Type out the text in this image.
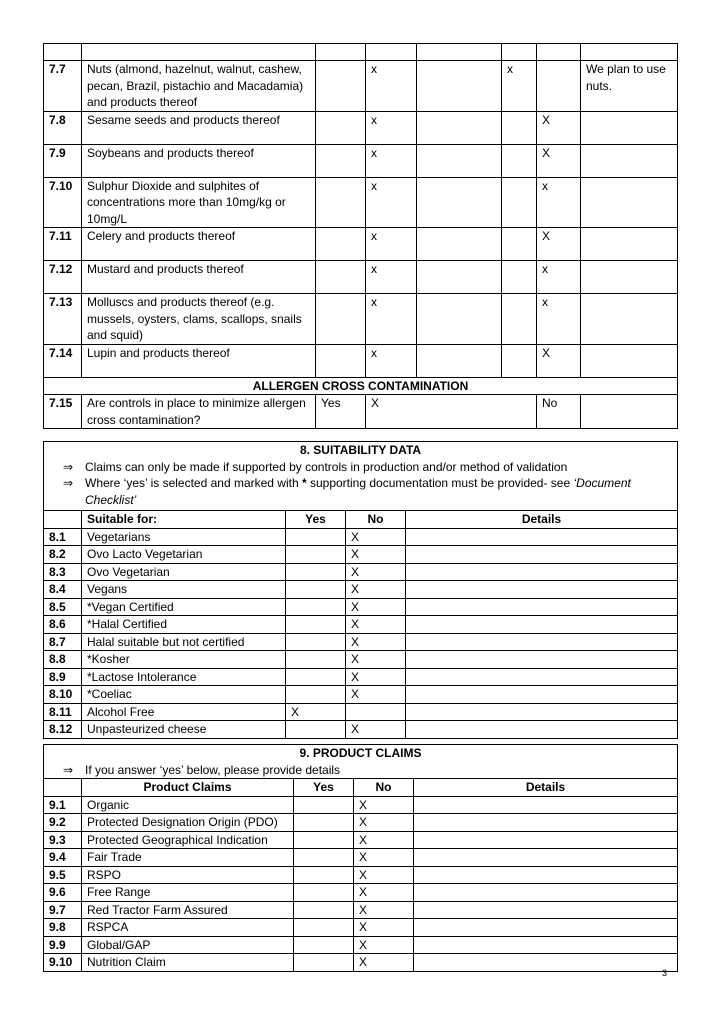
7.7	Nuts (almond, hazelnut, walnut, cashew, pecan, Brazil, pistachio and Macadamia) and products thereof		x		x		We plan to use nuts.
7.8	Sesame seeds and products thereof		x			X	
7.9	Soybeans and products thereof		x			X	
7.10	Sulphur Dioxide and sulphites of concentrations more than 10mg/kg or 10mg/L		x			x	
7.11	Celery and products thereof		x			X	
7.12	Mustard and products thereof		x			x	
7.13	Molluscs and products thereof (e.g. mussels, oysters, clams, scallops, snails and squid)		x			x	
7.14	Lupin and products thereof		x			X	
ALLERGEN CROSS CONTAMINATION							
7.15	Are controls in place to minimize allergen cross contamination?	Yes	X			No	
8. SUITABILITY DATA
⇒ Claims can only be made if supported by controls in production and/or method of validation
⇒ Where ‘yes’ is selected and marked with * supporting documentation must be provided- see ‘Document Checklist’				

	Suitable for:	Yes	No	Details
8.1	Vegetarians		X	
8.2	Ovo Lacto Vegetarian		X	
8.3	Ovo Vegetarian		X	
8.4	Vegans		X	
8.5	*Vegan Certified		X	
8.6	*Halal Certified		X	
8.7	Halal suitable but not certified		X	
8.8	*Kosher		X	
8.9	*Lactose Intolerance		X	
8.10	*Coeliac		X	
8.11	Alcohol Free	X		
8.12	Unpasteurized cheese		X	
9. PRODUCT CLAIMS
⇒ If you answer ‘yes’ below, please provide details				

	Product Claims	Yes	No	Details
9.1	Organic		X	
9.2	Protected Designation Origin (PDO)		X	
9.3	Protected Geographical Indication		X	
9.4	Fair Trade		X	
9.5	RSPO		X	
9.6	Free Range		X	
9.7	Red Tractor Farm Assured		X	
9.8	RSPCA		X	
9.9	Global/GAP		X	
9.10	Nutrition Claim		X	
3
